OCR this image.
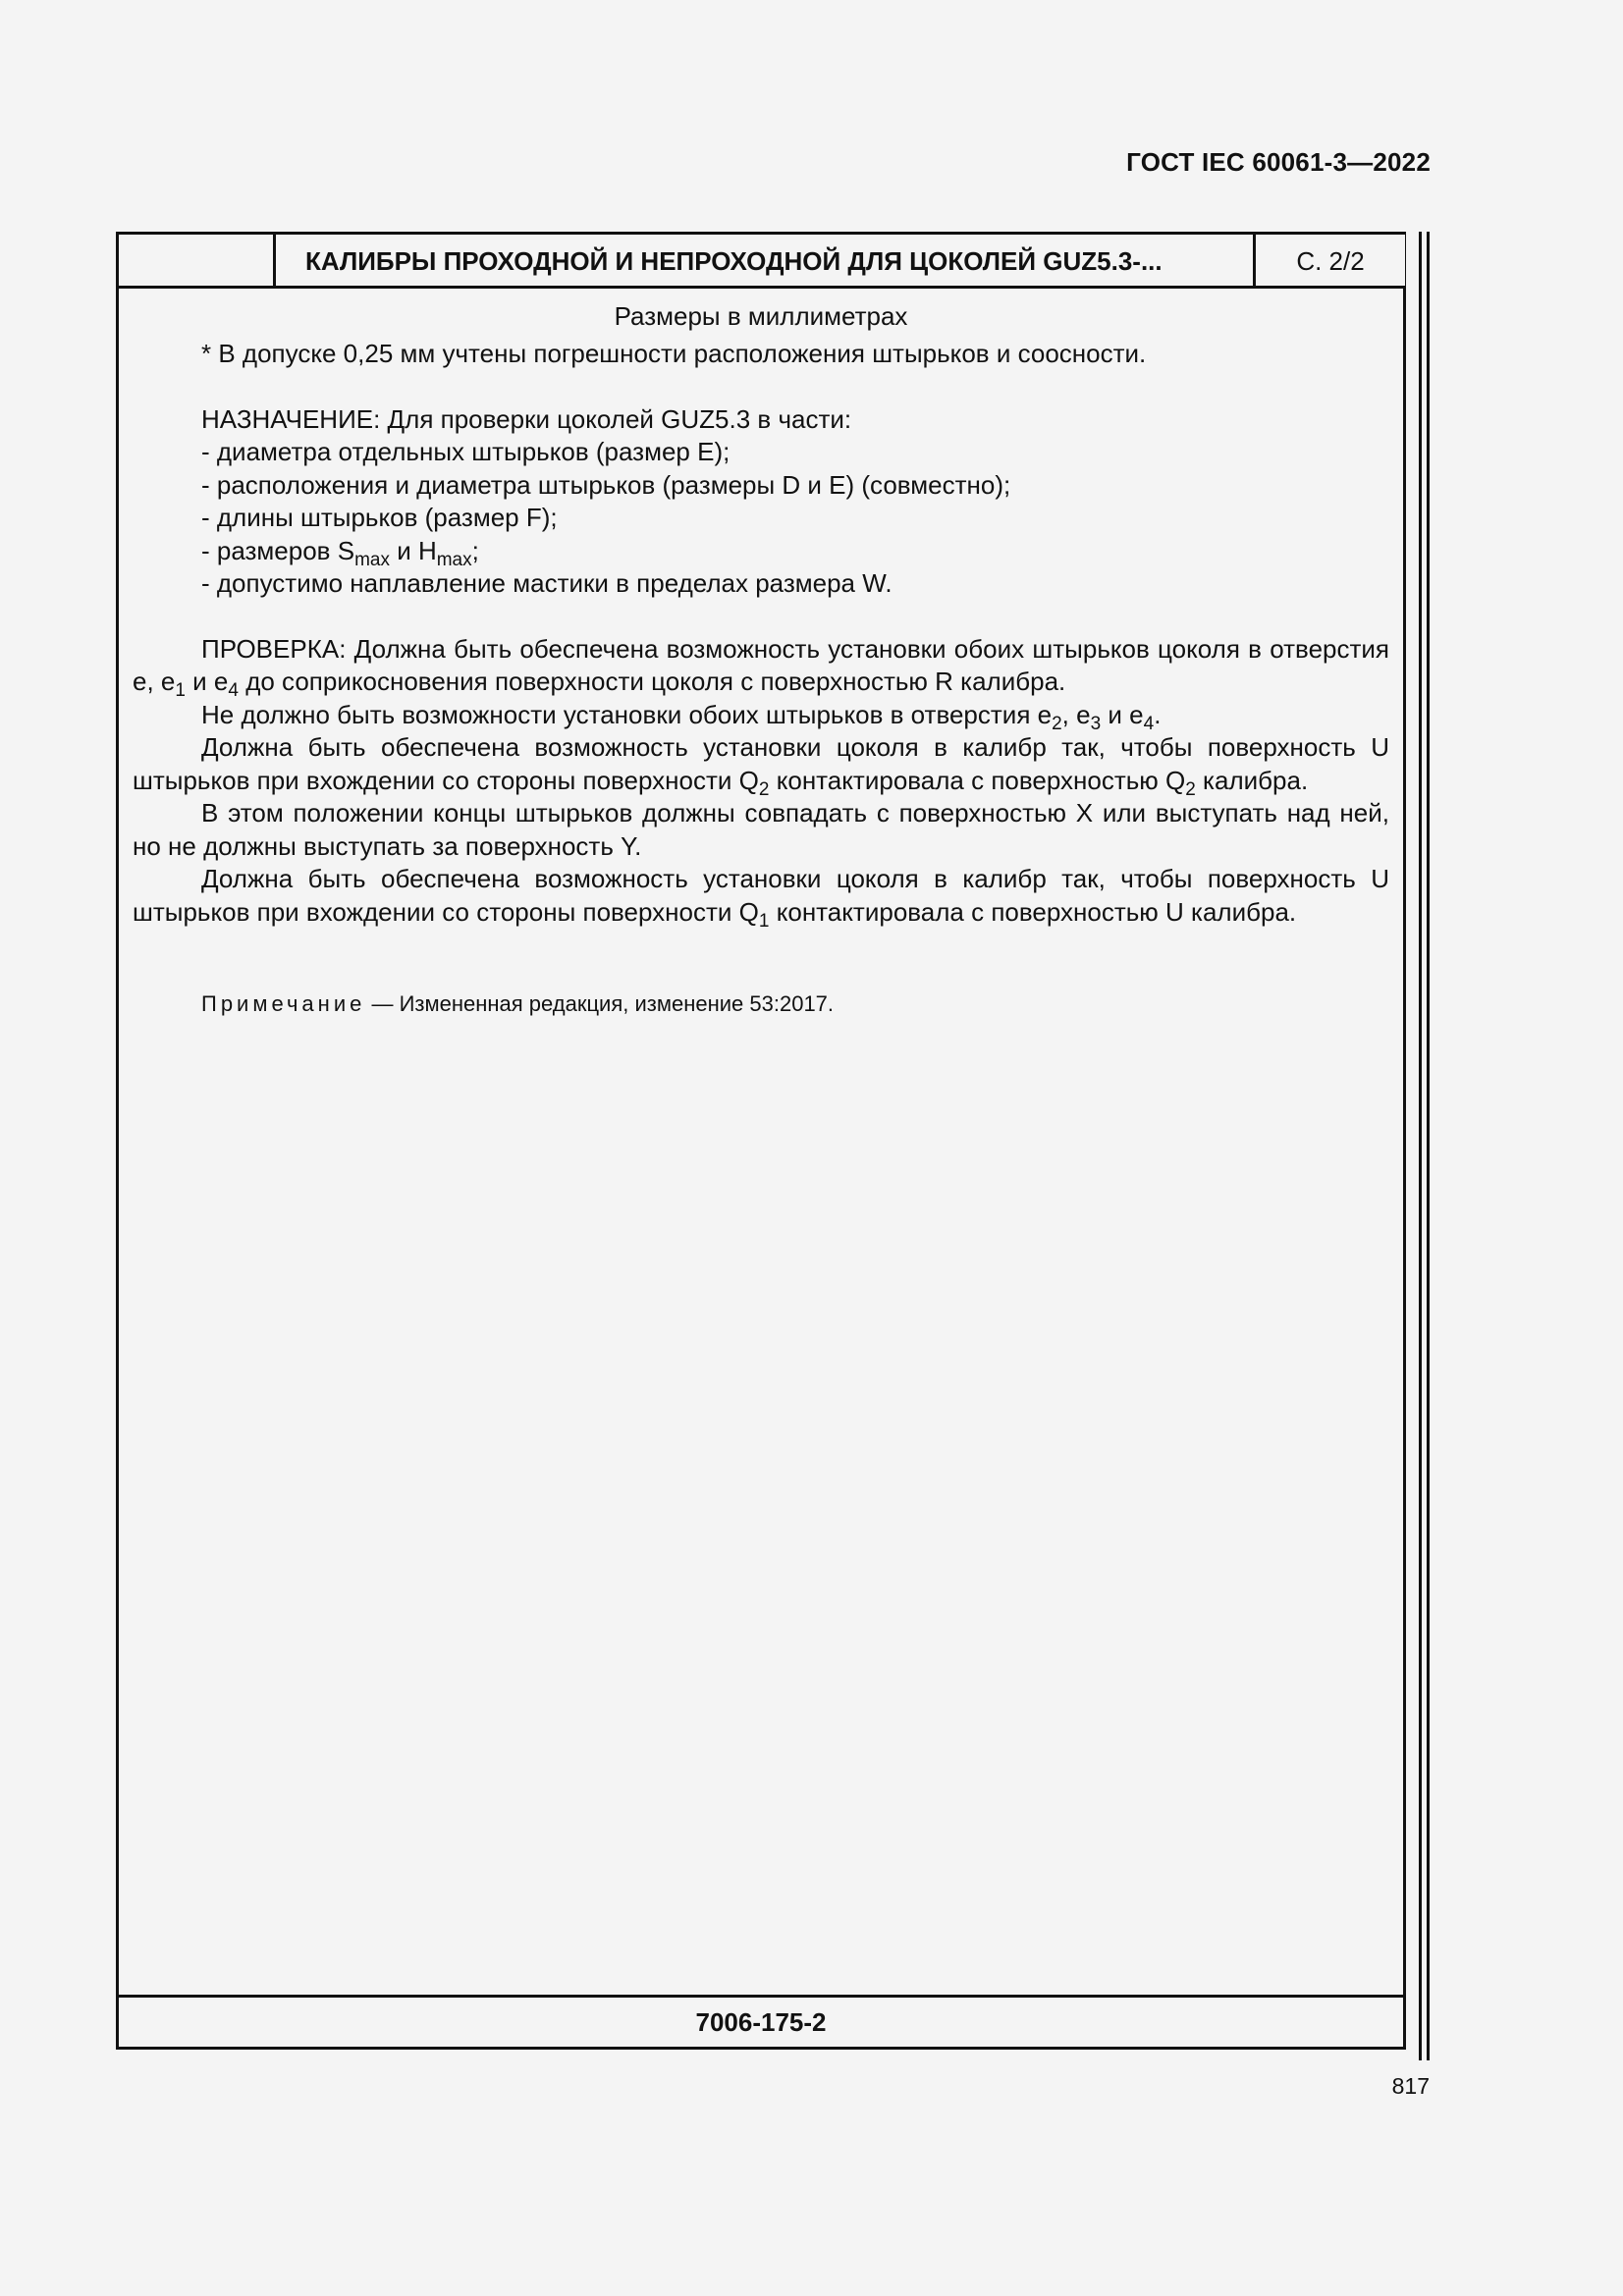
ГОСТ IEC 60061-3—2022
КАЛИБРЫ ПРОХОДНОЙ И НЕПРОХОДНОЙ ДЛЯ ЦОКОЛЕЙ GUZ5.3-...	С. 2/2
Размеры в миллиметрах

* В допуске 0,25 мм учтены погрешности расположения штырьков и соосности.

НАЗНАЧЕНИЕ: Для проверки цоколей GUZ5.3 в части:

- диаметра отдельных штырьков (размер E);

- расположения и диаметра штырьков (размеры D и E) (совместно);

- длины штырьков (размер F);

- размеров $S_{max}$ и $H_{max}$;

- допустимо наплавление мастики в пределах размера W.

ПРОВЕРКА: Должна быть обеспечена возможность установки обоих штырьков цоколя в отверстия e, $e_1$ и $e_4$ до соприкосновения поверхности цоколя с поверхностью R калибра.

Не должно быть возможности установки обоих штырьков в отверстия $e_2$, $e_3$ и $e_4$.

Должна быть обеспечена возможность установки цоколя в калибр так, чтобы поверхность U штырьков при вхождении со стороны поверхности $Q_2$ контактировала с поверхностью $Q_2$ калибра.

В этом положении концы штырьков должны совпадать с поверхностью X или выступать над ней, но не должны выступать за поверхность Y.

Должна быть обеспечена возможность установки цоколя в калибр так, чтобы поверхность U штырьков при вхождении со стороны поверхности $Q_1$ контактировала с поверхностью U калибра.

Примечание — Измененная редакция, изменение 53:2017.
7006-175-2
817
